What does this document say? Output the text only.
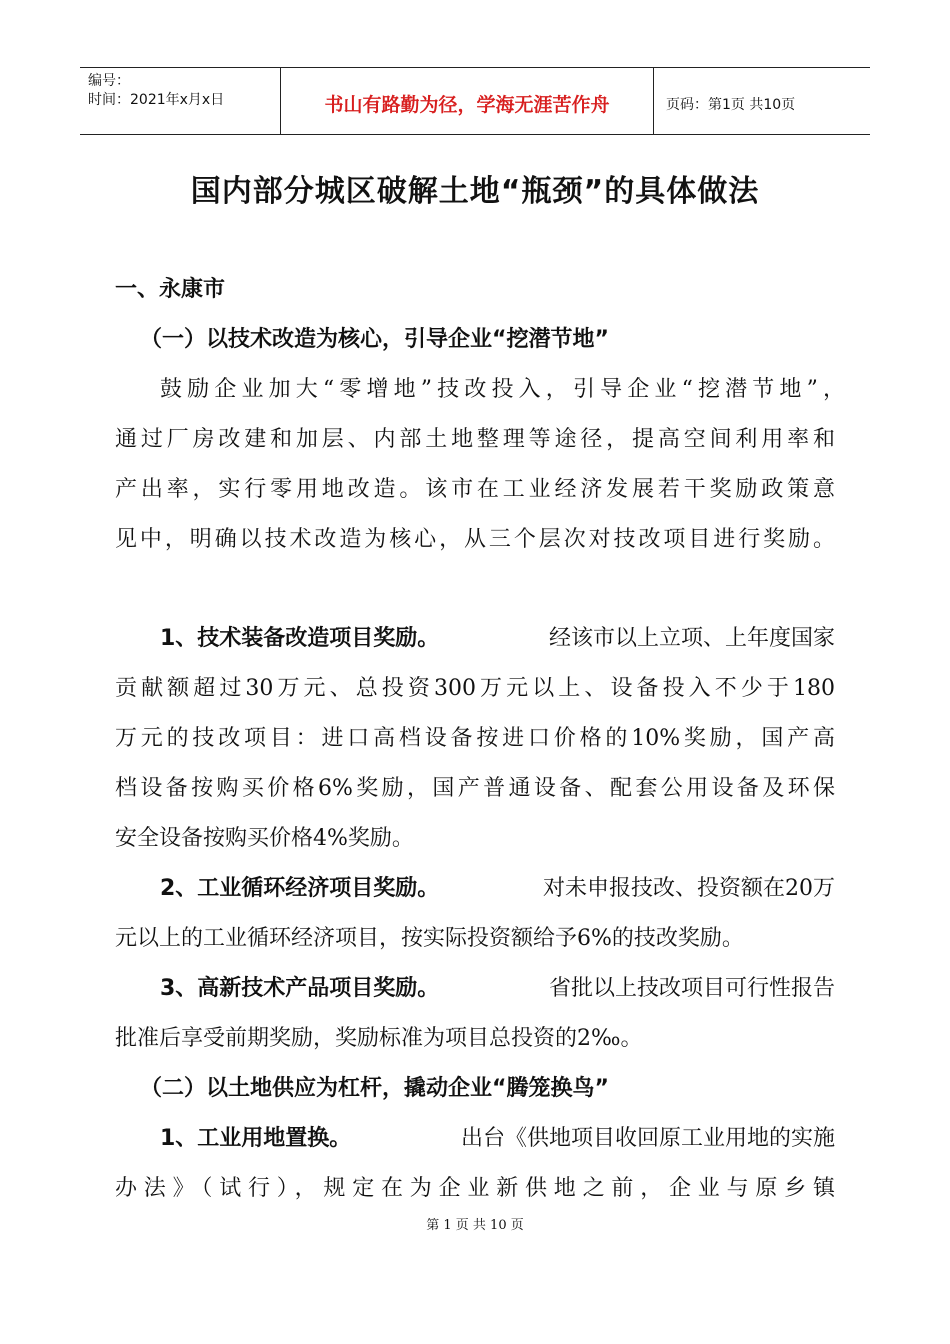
编号：
时间：2021年x月x日	书山有路勤为径，学海无涯苦作舟	页码：第1页 共10页
国内部分城区破解土地“瓶颈”的具体做法
一、永康市
（一）以技术改造为核心，引导企业“挖潜节地”
鼓励企业加大“零增地”技改投入，引导企业“挖潜节地”，
通过厂房改建和加层、内部土地整理等途径，提高空间利用率和
产出率，实行零用地改造。该市在工业经济发展若干奖励政策意
见中，明确以技术改造为核心，从三个层次对技改项目进行奖励。
1、技术装备改造项目奖励。	经该市以上立项、上年度国家
贡献额超过30万元、总投资300万元以上、设备投入不少于180
万元的技改项目：进口高档设备按进口价格的10%奖励，国产高
档设备按购买价格6%奖励，国产普通设备、配套公用设备及环保
安全设备按购买价格4%奖励。
2、工业循环经济项目奖励。	对未申报技改、投资额在20万
元以上的工业循环经济项目，按实际投资额给予6%的技改奖励。
3、高新技术产品项目奖励。	省批以上技改项目可行性报告
批准后享受前期奖励，奖励标准为项目总投资的2‰。
（二）以土地供应为杠杆，撬动企业“腾笼换鸟”
1、工业用地置换。	出台《供地项目收回原工业用地的实施
办法》（试行），规定在为企业新供地之前，企业与原乡镇
第 1 页 共 10 页
